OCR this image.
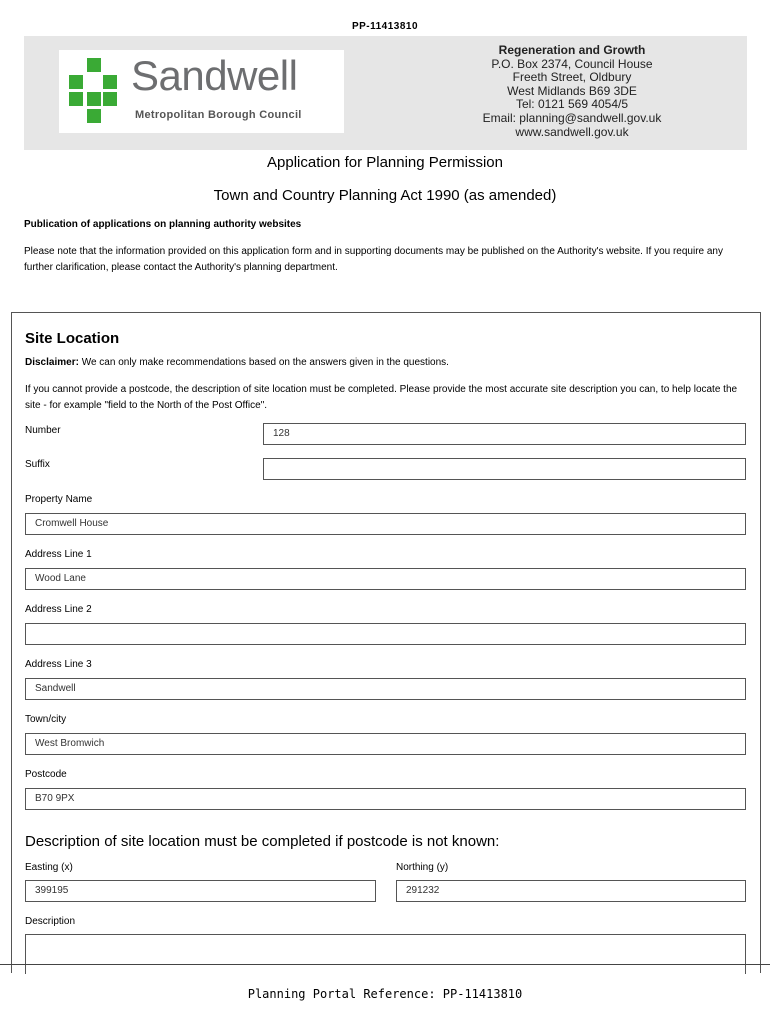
PP-11413810
Sandwell
Metropolitan Borough Council
Regeneration and Growth
P.O. Box 2374, Council House
Freeth Street, Oldbury
West Midlands B69 3DE
Tel: 0121 569 4054/5
Email: planning@sandwell.gov.uk
www.sandwell.gov.uk
Application for Planning Permission
Town and Country Planning Act 1990 (as amended)
Publication of applications on planning authority websites
Please note that the information provided on this application form and in supporting documents may be published on the Authority's website. If you require any further clarification, please contact the Authority's planning department.
Site Location
Disclaimer: We can only make recommendations based on the answers given in the questions.
If you cannot provide a postcode, the description of site location must be completed. Please provide the most accurate site description you can, to help locate the site - for example "field to the North of the Post Office".
Number	128
Suffix
Property Name
Cromwell House
Address Line 1
Wood Lane
Address Line 2
Address Line 3
Sandwell
Town/city
West Bromwich
Postcode
B70 9PX
Description of site location must be completed if postcode is not known:
Easting (x)
399195
Northing (y)
291232
Description
Planning Portal Reference: PP-11413810
